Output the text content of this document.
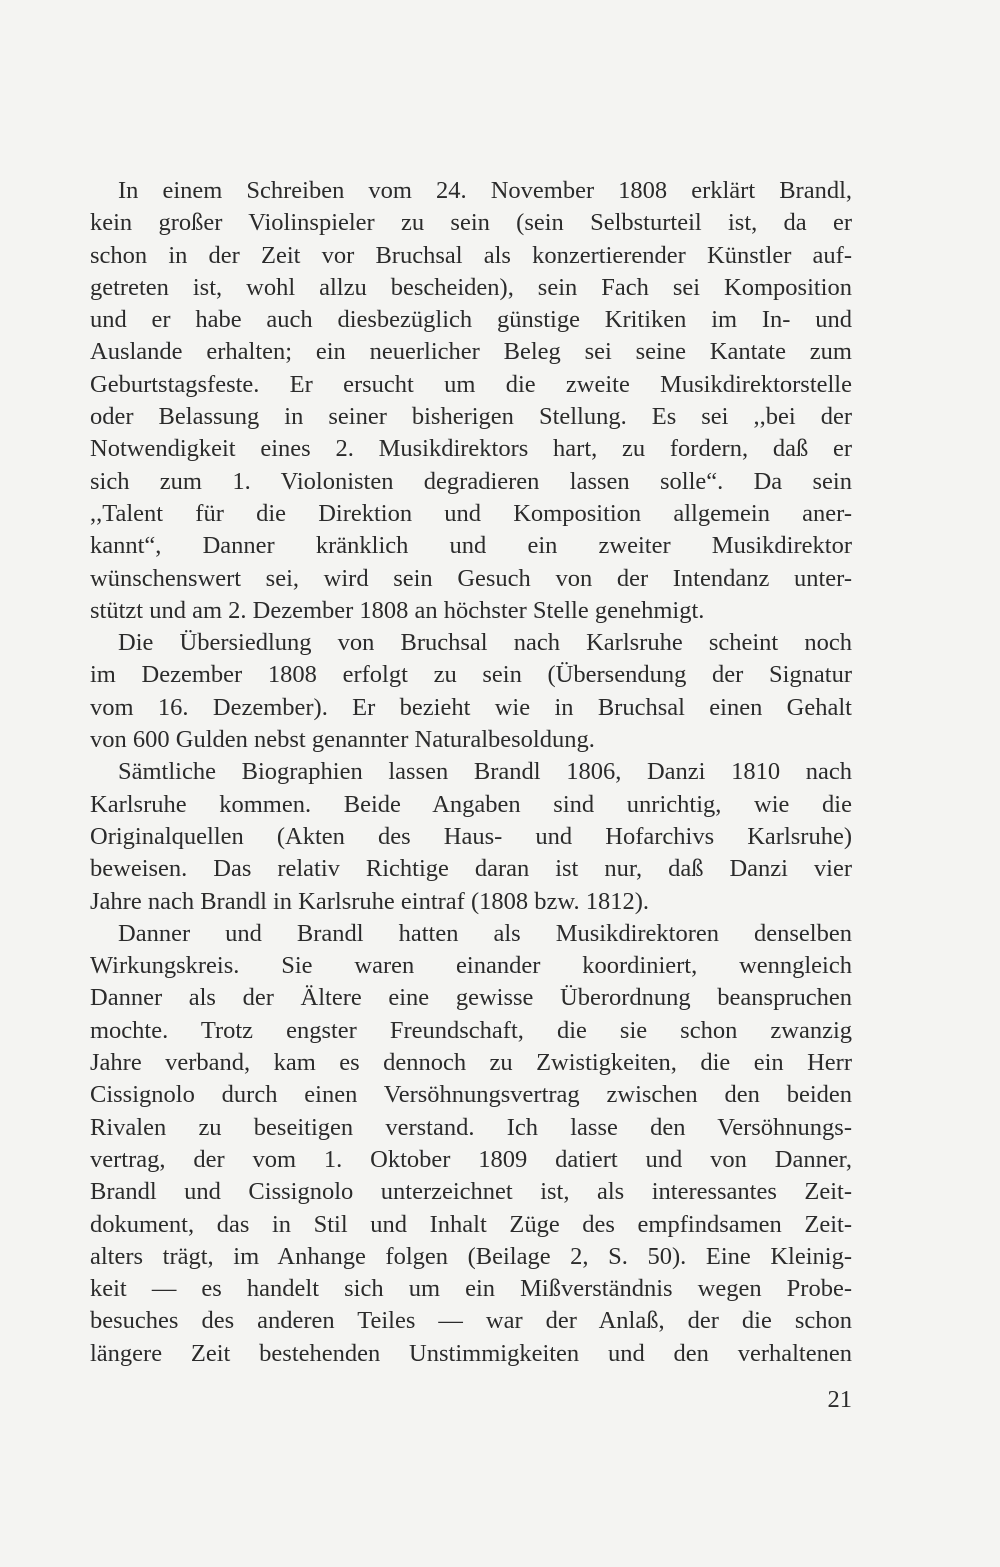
In einem Schreiben vom 24. November 1808 erklärt Brandl,
kein großer Violinspieler zu sein (sein Selbsturteil ist, da er
schon in der Zeit vor Bruchsal als konzertierender Künstler auf-
getreten ist, wohl allzu bescheiden), sein Fach sei Komposition
und er habe auch diesbezüglich günstige Kritiken im In- und
Auslande erhalten; ein neuerlicher Beleg sei seine Kantate zum
Geburtstagsfeste. Er ersucht um die zweite Musikdirektorstelle
oder Belassung in seiner bisherigen Stellung. Es sei ,,bei der
Notwendigkeit eines 2. Musikdirektors hart, zu fordern, daß er
sich zum 1. Violonisten degradieren lassen solle“. Da sein
,,Talent für die Direktion und Komposition allgemein aner-
kannt“, Danner kränklich und ein zweiter Musikdirektor
wünschenswert sei, wird sein Gesuch von der Intendanz unter-
stützt und am 2. Dezember 1808 an höchster Stelle genehmigt.
Die Übersiedlung von Bruchsal nach Karlsruhe scheint noch
im Dezember 1808 erfolgt zu sein (Übersendung der Signatur
vom 16. Dezember). Er bezieht wie in Bruchsal einen Gehalt
von 600 Gulden nebst genannter Naturalbesoldung.
Sämtliche Biographien lassen Brandl 1806, Danzi 1810 nach
Karlsruhe kommen. Beide Angaben sind unrichtig, wie die
Originalquellen (Akten des Haus- und Hofarchivs Karlsruhe)
beweisen. Das relativ Richtige daran ist nur, daß Danzi vier
Jahre nach Brandl in Karlsruhe eintraf (1808 bzw. 1812).
Danner und Brandl hatten als Musikdirektoren denselben
Wirkungskreis. Sie waren einander koordiniert, wenngleich
Danner als der Ältere eine gewisse Überordnung beanspruchen
mochte. Trotz engster Freundschaft, die sie schon zwanzig
Jahre verband, kam es dennoch zu Zwistigkeiten, die ein Herr
Cissignolo durch einen Versöhnungsvertrag zwischen den beiden
Rivalen zu beseitigen verstand. Ich lasse den Versöhnungs-
vertrag, der vom 1. Oktober 1809 datiert und von Danner,
Brandl und Cissignolo unterzeichnet ist, als interessantes Zeit-
dokument, das in Stil und Inhalt Züge des empfindsamen Zeit-
alters trägt, im Anhange folgen (Beilage 2, S. 50). Eine Kleinig-
keit — es handelt sich um ein Mißverständnis wegen Probe-
besuches des anderen Teiles — war der Anlaß, der die schon
längere Zeit bestehenden Unstimmigkeiten und den verhaltenen
21
